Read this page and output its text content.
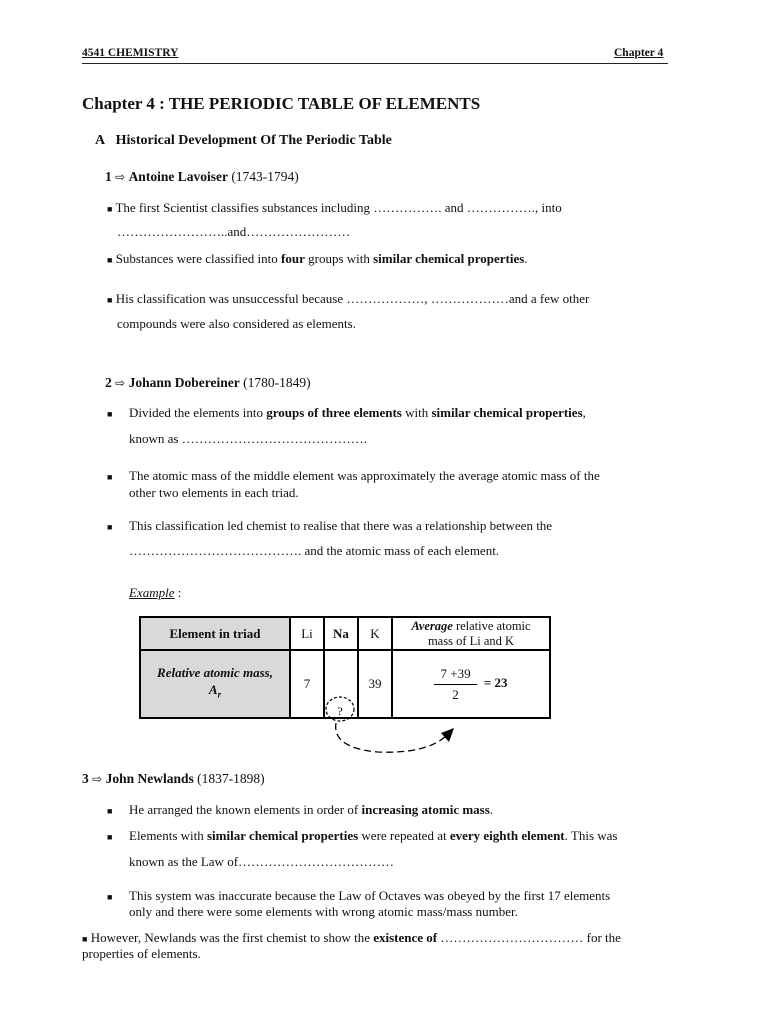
4541 CHEMISTRY	Chapter 4
Chapter 4 : THE PERIODIC TABLE OF ELEMENTS
A Historical Development Of The Periodic Table
1 ⇨ Antoine Lavoiser (1743-1794)
■ The first Scientist classifies substances including ……………. and ……………., into
……………………..and……………………
■ Substances were classified into four groups with similar chemical properties.
■ His classification was unsuccessful because ………………, ………………and a few other
compounds were also considered as elements.
2 ⇨ Johann Dobereiner (1780-1849)
■ Divided the elements into groups of three elements with similar chemical properties,
known as …………………………………….
■ The atomic mass of the middle element was approximately the average atomic mass of the
other two elements in each triad.
■ This classification led chemist to realise that there was a relationship between the
…………………………………. and the atomic mass of each element.
Example :
Element in triad	Li	Na	K	Average relative atomic
mass of Li and K
Relative atomic mass,
$A_r$	7		39	$\frac{7 +39}{2} = 23$
?
3 ⇨ John Newlands (1837-1898)
■ He arranged the known elements in order of increasing atomic mass.
■ Elements with similar chemical properties were repeated at every eighth element. This was
known as the Law of………………………………
■ This system was inaccurate because the Law of Octaves was obeyed by the first 17 elements
only and there were some elements with wrong atomic mass/mass number.
■ However, Newlands was the first chemist to show the existence of …………………………… for the
properties of elements.
